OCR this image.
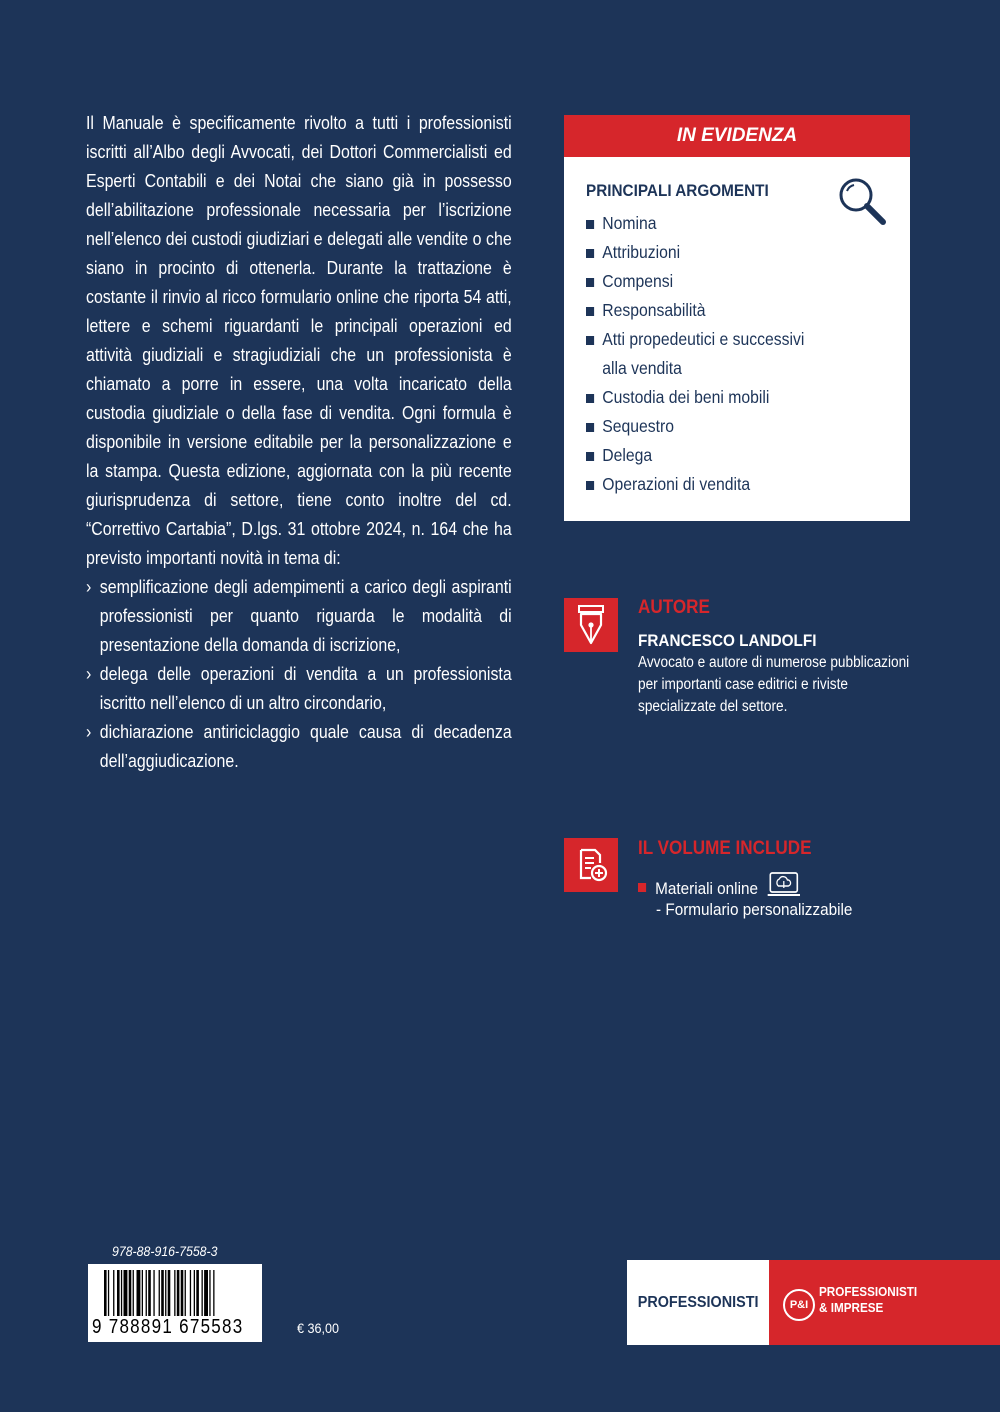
Il Manuale è specificamente rivolto a tutti i professionisti iscritti all’Albo degli Avvocati, dei Dottori Commercialisti ed Esperti Contabili e dei Notai che siano già in possesso dell’abilitazione professionale necessaria per l’iscrizione nell’elenco dei custodi giudiziari e delegati alle vendite o che siano in procinto di ottenerla. Durante la trattazione è costante il rinvio al ricco formulario online che riporta 54 atti, lettere e schemi riguardanti le principali operazioni ed attività giudiziali e stragiudiziali che un professionista è chiamato a porre in essere, una volta incaricato della custodia giudiziale o della fase di vendita. Ogni formula è disponibile in versione editabile per la personalizzazione e la stampa. Questa edizione, aggiornata con la più recente giurisprudenza di settore, tiene conto inoltre del cd. “Correttivo Cartabia”, D.lgs. 31 ottobre 2024, n. 164 che ha previsto importanti novità in tema di:

› semplificazione degli adempimenti a carico degli aspiranti professionisti per quanto riguarda le modalità di presentazione della domanda di iscrizione,
› delega delle operazioni di vendita a un professionista iscritto nell’elenco di un altro circondario,
› dichiarazione antiriciclaggio quale causa di decadenza dell’aggiudicazione.
IN EVIDENZA
PRINCIPALI ARGOMENTI
Nomina
Attribuzioni
Compensi
Responsabilità
Atti propedeutici e successivi
alla vendita
Custodia dei beni mobili
Sequestro
Delega
Operazioni di vendita
AUTORE
FRANCESCO LANDOLFI
Avvocato e autore di numerose pubblicazioni per importanti case editrici e riviste specializzate del settore.
IL VOLUME INCLUDE
Materiali online
- Formulario personalizzabile
978-88-916-7558-3
9 788891 675583	€ 36,00
PROFESSIONISTI	P&I
PROFESSIONISTI
& IMPRESE
